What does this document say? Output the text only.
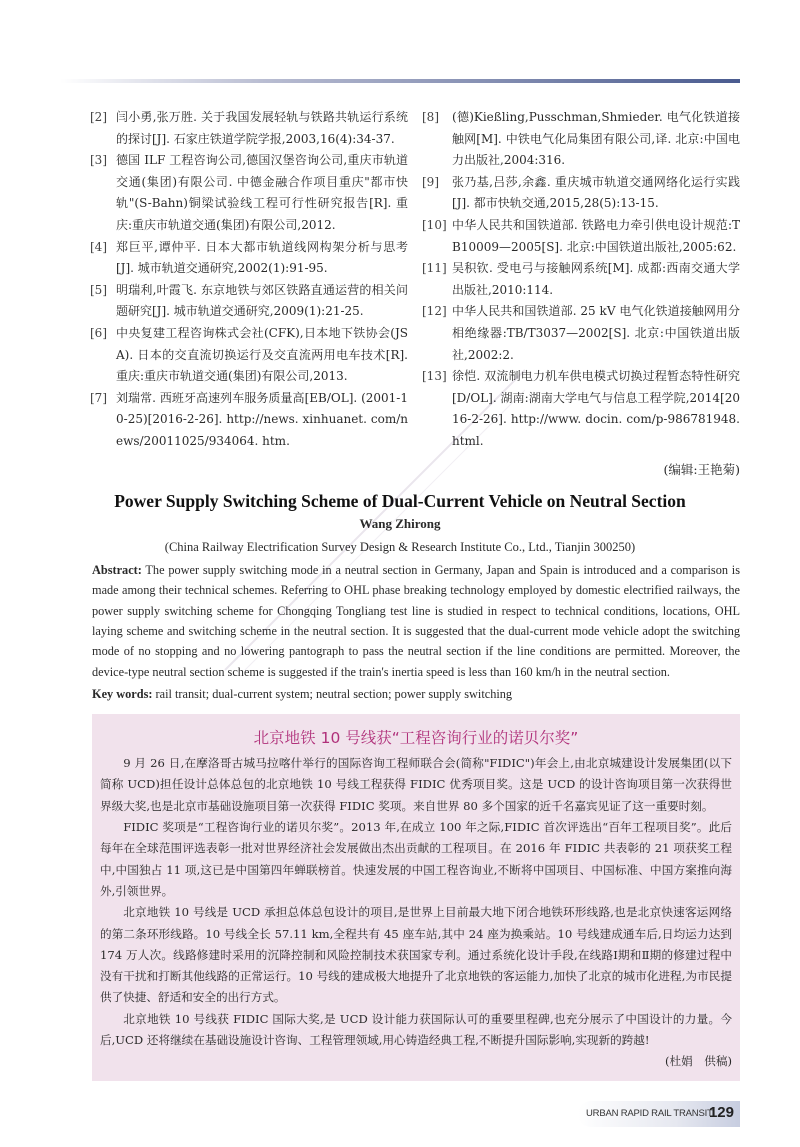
[2] 闫小勇,张万胜. 关于我国发展轻轨与铁路共轨运行系统的探讨[J]. 石家庄铁道学院学报,2003,16(4):34-37.
[3] 德国 ILF 工程咨询公司,德国汉堡咨询公司,重庆市轨道交通(集团)有限公司. 中德金融合作项目重庆"都市快轨"(S-Bahn)铜梁试验线工程可行性研究报告[R]. 重庆:重庆市轨道交通(集团)有限公司,2012.
[4] 郑巨平,谭仲平. 日本大都市轨道线网构架分析与思考[J]. 城市轨道交通研究,2002(1):91-95.
[5] 明瑞利,叶霞飞. 东京地铁与郊区铁路直通运营的相关问题研究[J]. 城市轨道交通研究,2009(1):21-25.
[6] 中央复建工程咨询株式会社(CFK),日本地下铁协会(JSA). 日本的交直流切换运行及交直流两用电车技术[R]. 重庆:重庆市轨道交通(集团)有限公司,2013.
[7] 刘瑞常. 西班牙高速列车服务质量高[EB/OL]. (2001-10-25)[2016-2-26]. http://news. xinhuanet. com/news/20011025/934064. htm.
[8]	(德)Kießling,Pusschman,Shmieder. 电气化铁道接触网[M]. 中铁电气化局集团有限公司,译. 北京:中国电力出版社,2004:316.
[9]	张乃基,吕莎,余鑫. 重庆城市轨道交通网络化运行实践[J]. 都市快轨交通,2015,28(5):13-15.
[10] 中华人民共和国铁道部. 铁路电力牵引供电设计规范:TB10009—2005[S]. 北京:中国铁道出版社,2005:62.
[11] 吴积钦. 受电弓与接触网系统[M]. 成都:西南交通大学出版社,2010:114.
[12] 中华人民共和国铁道部. 25 kV 电气化铁道接触网用分相绝缘器:TB/T3037—2002[S]. 北京:中国铁道出版社,2002:2.
[13] 徐恺. 双流制电力机车供电模式切换过程暂态特性研究[D/OL]. 湖南:湖南大学电气与信息工程学院,2014[2016-2-26]. http://www. docin. com/p-986781948. html.
(编辑:王艳菊)
Power Supply Switching Scheme of Dual-Current Vehicle on Neutral Section
Wang Zhirong
(China Railway Electrification Survey Design & Research Institute Co., Ltd., Tianjin 300250)
Abstract: The power supply switching mode in a neutral section in Germany, Japan and Spain is introduced and a comparison is made among their technical schemes. Referring to OHL phase breaking technology employed by domestic electrified railways, the power supply switching scheme for Chongqing Tongliang test line is studied in respect to technical conditions, locations, OHL laying scheme and switching scheme in the neutral section. It is suggested that the dual-current mode vehicle adopt the switching mode of no stopping and no lowering pantograph to pass the neutral section if the line conditions are permitted. Moreover, the device-type neutral section scheme is suggested if the train's inertia speed is less than 160 km/h in the neutral section.
Key words: rail transit; dual-current system; neutral section; power supply switching
北京地铁 10 号线获“工程咨询行业的诺贝尔奖”

9 月 26 日,在摩洛哥古城马拉喀什举行的国际咨询工程师联合会(简称"FIDIC")年会上,由北京城建设计发展集团(以下简称 UCD)担任设计总体总包的北京地铁 10 号线工程获得 FIDIC 优秀项目奖。这是 UCD 的设计咨询项目第一次获得世界级大奖,也是北京市基础设施项目第一次获得 FIDIC 奖项。来自世界 80 多个国家的近千名嘉宾见证了这一重要时刻。

FIDIC 奖项是“工程咨询行业的诺贝尔奖”。2013 年,在成立 100 年之际,FIDIC 首次评选出“百年工程项目奖”。此后每年在全球范围评选表彰一批对世界经济社会发展做出杰出贡献的工程项目。在 2016 年 FIDIC 共表彰的 21 项获奖工程中,中国独占 11 项,这已是中国第四年蝉联榜首。快速发展的中国工程咨询业,不断将中国项目、中国标准、中国方案推向海外,引领世界。

北京地铁 10 号线是 UCD 承担总体总包设计的项目,是世界上目前最大地下闭合地铁环形线路,也是北京快速客运网络的第二条环形线路。10 号线全长 57.11 km,全程共有 45 座车站,其中 24 座为换乘站。10 号线建成通车后,日均运力达到 174 万人次。线路修建时采用的沉降控制和风险控制技术获国家专利。通过系统化设计手段,在线路Ⅰ期和Ⅱ期的修建过程中没有干扰和打断其他线路的正常运行。10 号线的建成极大地提升了北京地铁的客运能力,加快了北京的城市化进程,为市民提供了快捷、舒适和安全的出行方式。

北京地铁 10 号线获 FIDIC 国际大奖,是 UCD 设计能力获国际认可的重要里程碑,也充分展示了中国设计的力量。今后,UCD 还将继续在基础设施设计咨询、工程管理领域,用心铸造经典工程,不断提升国际影响,实现新的跨越!

(杜娟　供稿)

URBAN RAPID RAIL TRANSIT
129
